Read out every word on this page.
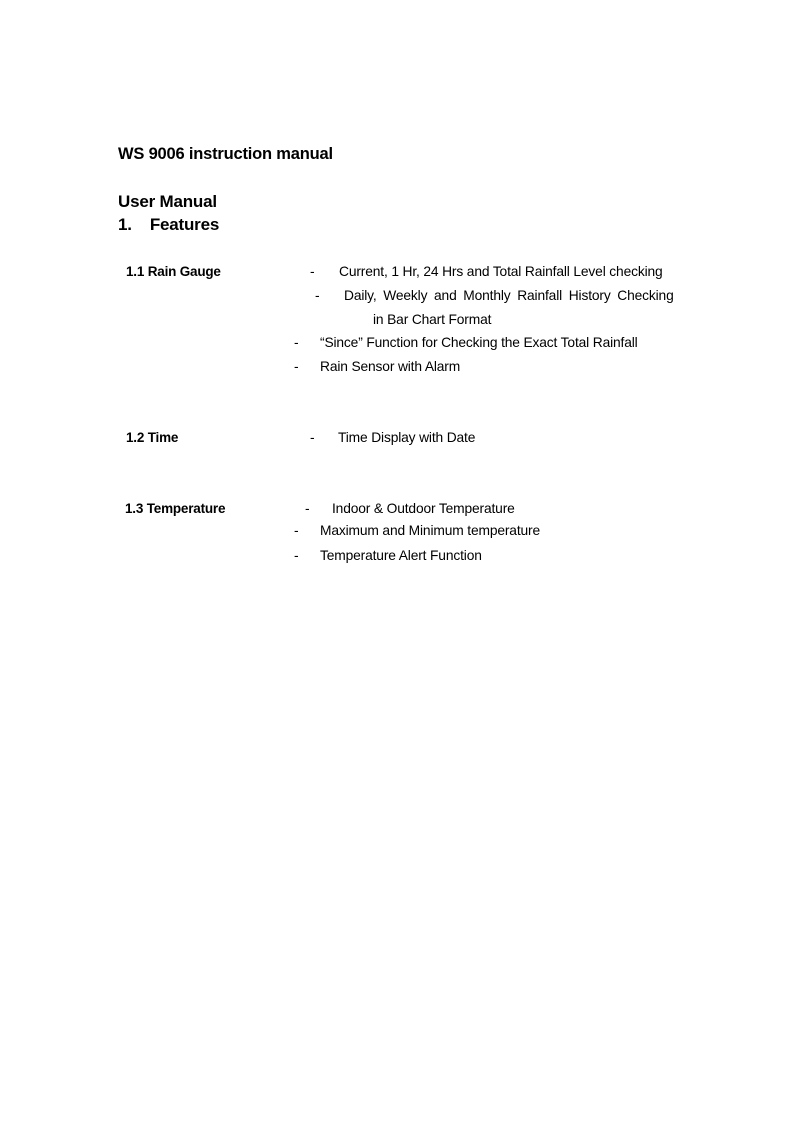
WS 9006 instruction manual
User Manual
1. Features
1.1 Rain Gauge	- Current, 1 Hr, 24 Hrs and Total Rainfall Level checking
- Daily, Weekly and Monthly Rainfall History Checking
in Bar Chart Format
- “Since” Function for Checking the Exact Total Rainfall
- Rain Sensor with Alarm
1.2 Time	- Time Display with Date
1.3 Temperature	- Indoor & Outdoor Temperature
- Maximum and Minimum temperature
- Temperature Alert Function
